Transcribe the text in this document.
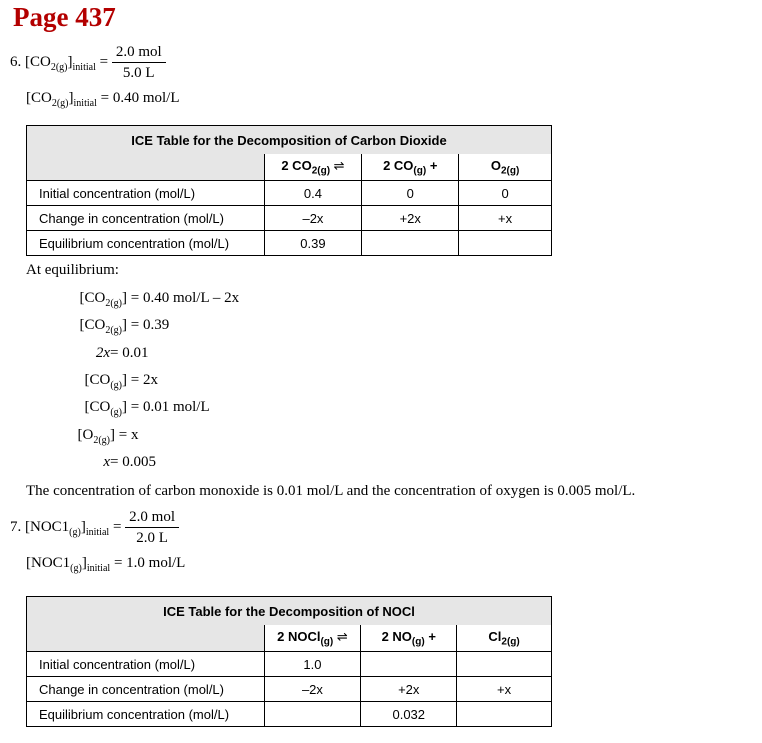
Page 437
6. $[CO_{2(g)}]_{initial} = \frac{\text{2.0 mol}}{5.0 L}$
$[CO_{2(g)}]_{initial} = 0.40$ mol/L
ICE Table for the Decomposition of Carbon Dioxide			
	2 $CO_{2(g)}$ ⇌	2 $CO_{(g)}$ +	$O_{2(g)}$
Initial concentration (mol/L)	0.4	0	0
Change in concentration (mol/L)	–2x	+2x	+x
Equilibrium concentration (mol/L)	0.39		
At equilibrium:
[$CO_{2(g)}$ ] = 0.40 mol/L – 2x
[$CO_{2(g)}$ ] = 0.39
2x = 0.01
[$CO_{(g)}$ ] = 2x
[$CO_{(g)}$ ] = 0.01 mol/L
[$O_{2(g)}$ ] = x
x = 0.005
The concentration of carbon monoxide is 0.01 mol/L and the concentration of oxygen is 0.005 mol/L.
7. $[NOC1_{(g)}]_{initial} = \frac{\text{2.0 mol}}{2.0 L}$
$[NOC1_{(g)}]_{initial} = 1.0$ mol/L
ICE Table for the Decomposition of NOCl			
	2 NOCl$_{(g)}$ ⇌	2 $NO_{(g)}$ +	$Cl_{2(g)}$
Initial concentration (mol/L)	1.0		
Change in concentration (mol/L)	–2x	+2x	+x
Equilibrium concentration (mol/L)		0.032	
